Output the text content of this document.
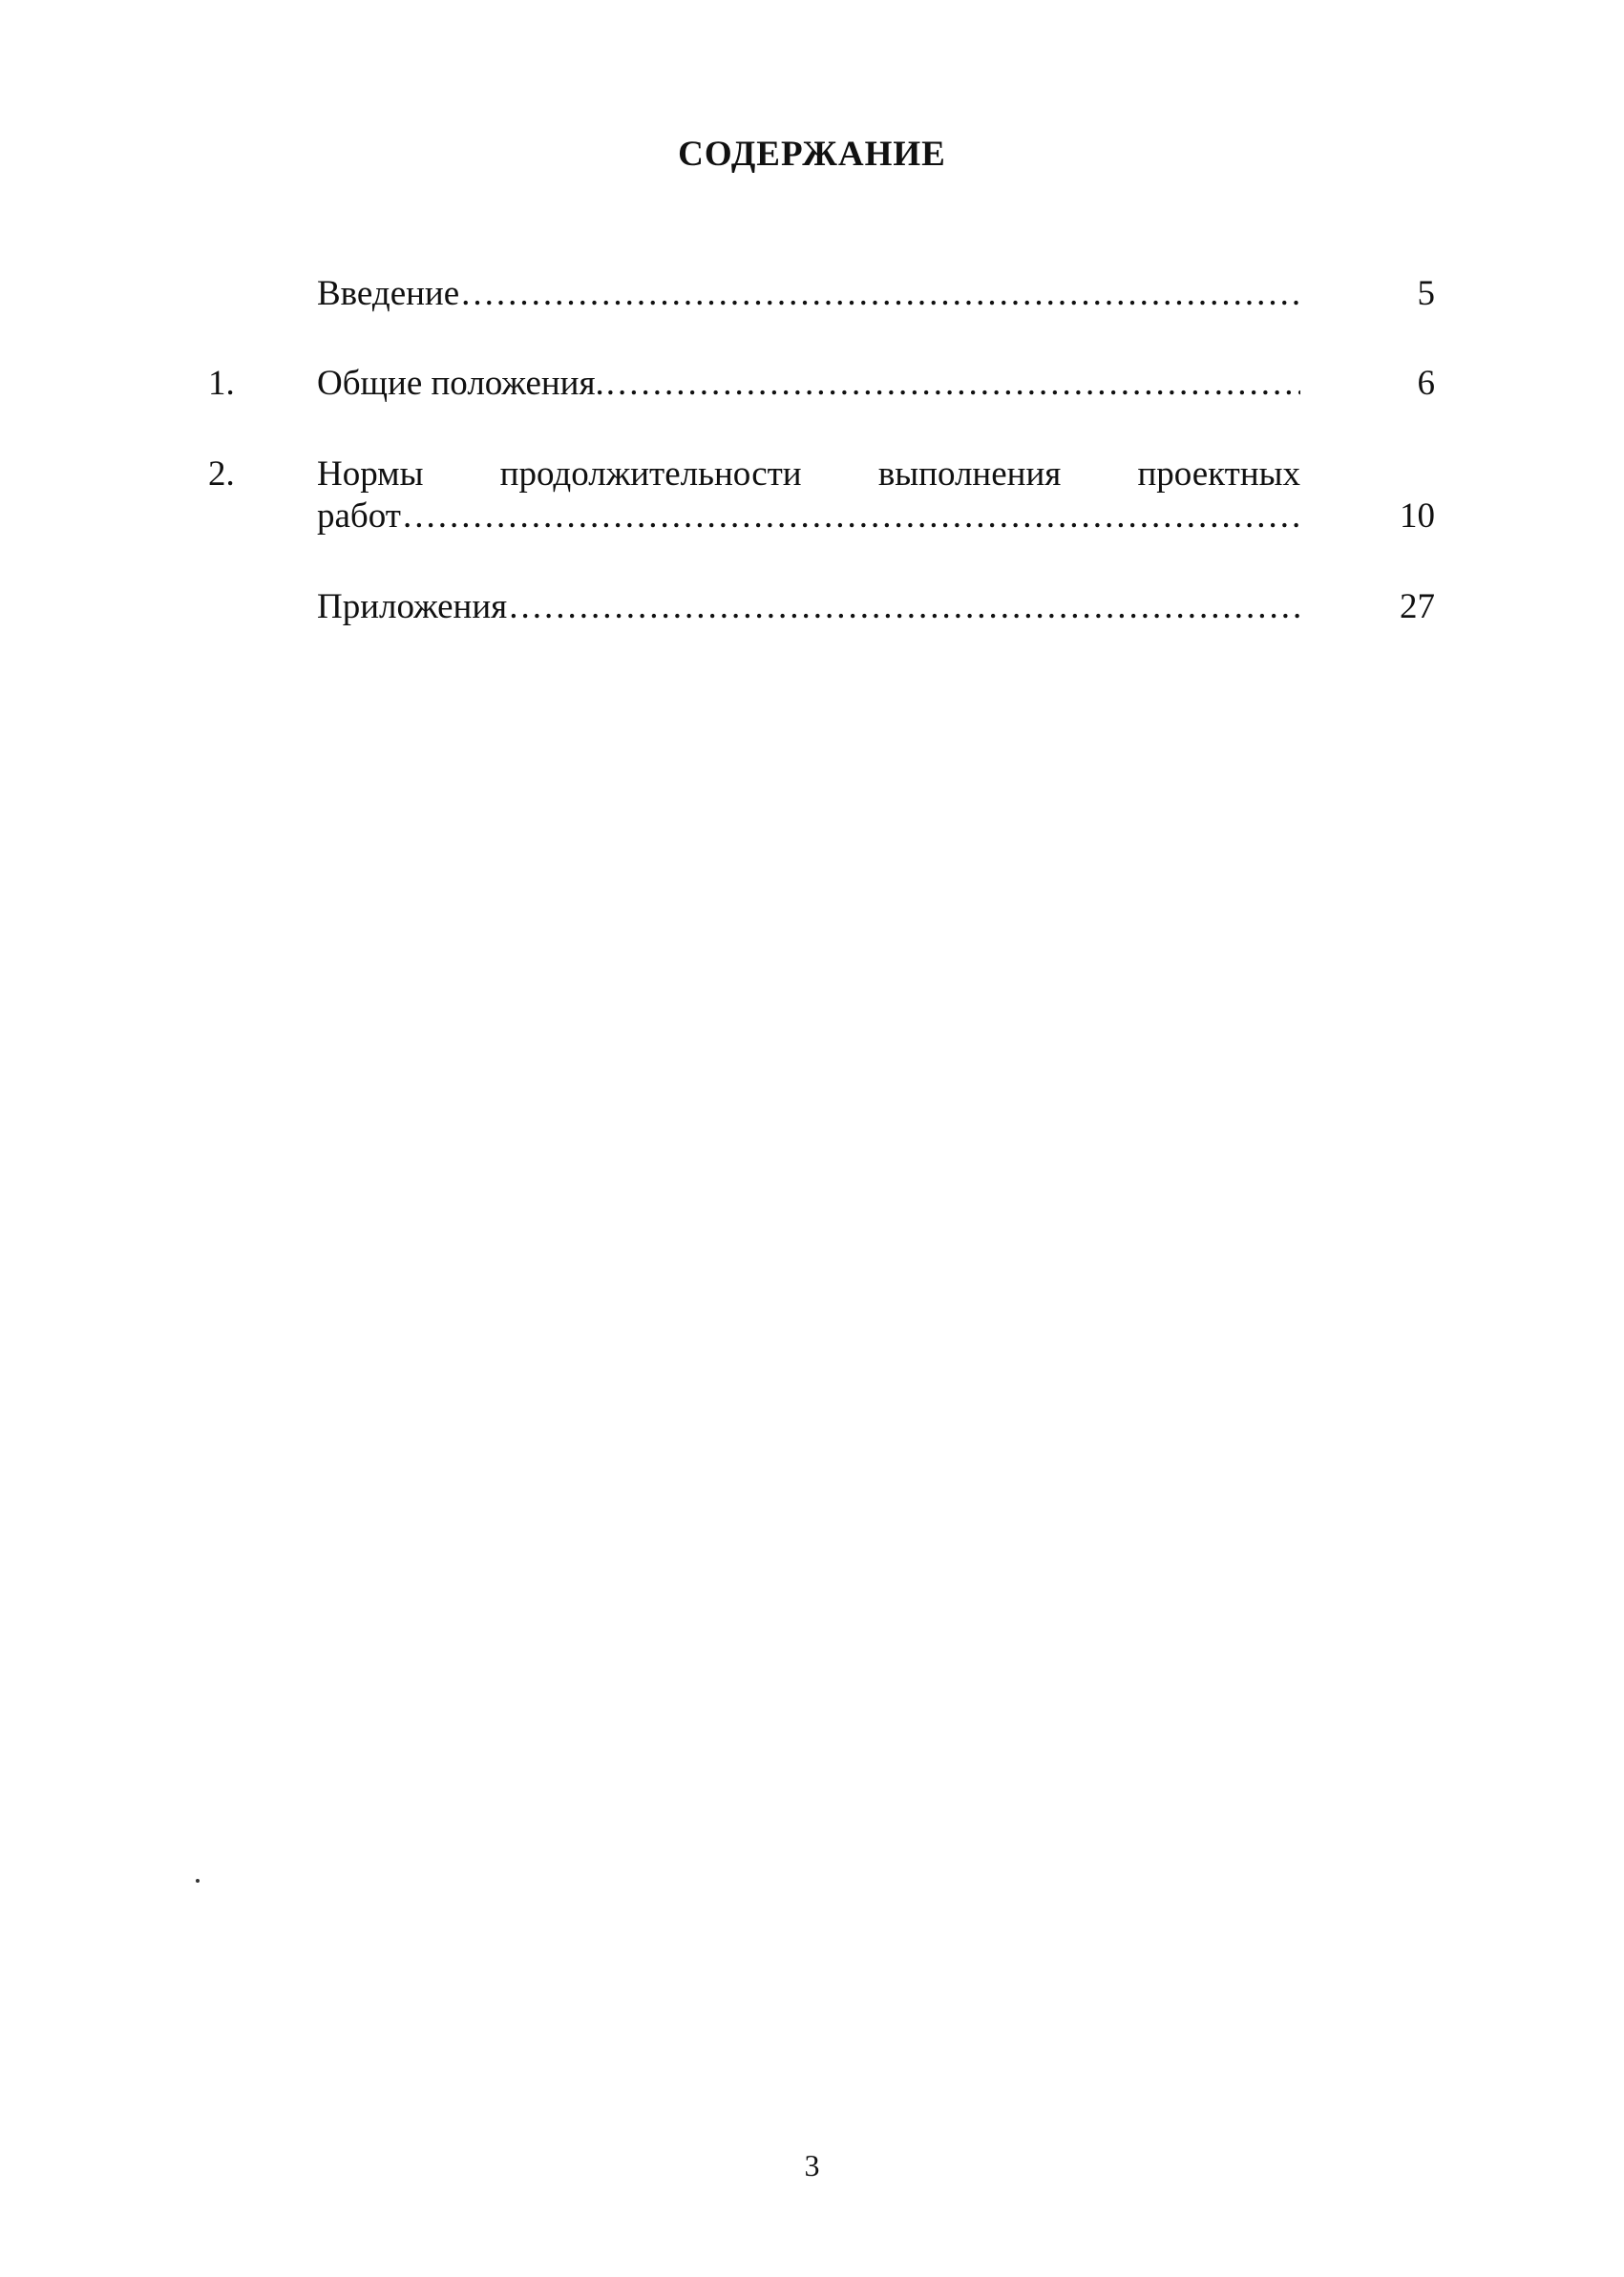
СОДЕРЖАНИЕ
Введение .....	5
1. Общие положения. .....	6
2. Нормы продолжительности выполнения проектных
работ .....	10
Приложения .....	27
3
